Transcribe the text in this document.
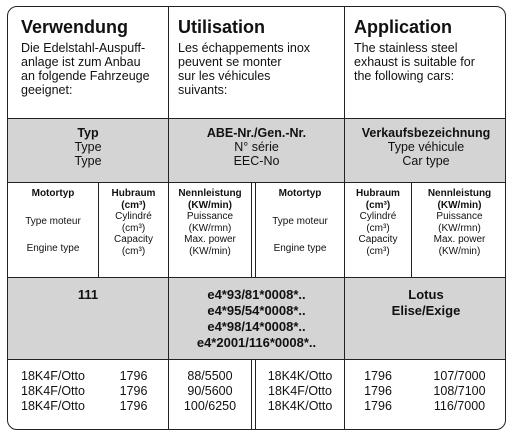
Verwendung
Die Edelstahl-Auspuff-
anlage ist zum Anbau
an folgende Fahrzeuge
geeignet:
Utilisation
Les échappements inox
peuvent se monter
sur les véhicules
suivants:
Application
The stainless steel
exhaust is suitable for
the following cars:
Typ
Type
Type
ABE-Nr./Gen.-Nr.
N° série
EEC-No
Verkaufsbezeichnung
Type véhicule
Car type
Motortyp
Type moteur
Engine type
Hubraum
(cm³)
Cylindré
(cm³)
Capacity
(cm³)
Nennleistung
(KW/min)
Puissance
(KW/rmn)
Max. power
(KW/min)
Motortyp
Type moteur
Engine type
Hubraum
(cm³)
Cylindré
(cm³)
Capacity
(cm³)
Nennleistung
(KW/min)
Puissance
(KW/rmn)
Max. power
(KW/min)
111	e4*93/81*0008*..
e4*95/54*0008*..
e4*98/14*0008*..
e4*2001/116*0008*..
Lotus
Elise/Exige
18K4F/Otto
18K4F/Otto
18K4F/Otto
1796
1796
1796
88/5500
90/5600
100/6250
18K4K/Otto
18K4F/Otto
18K4K/Otto
1796
1796
1796
107/7000
108/7100
116/7000
